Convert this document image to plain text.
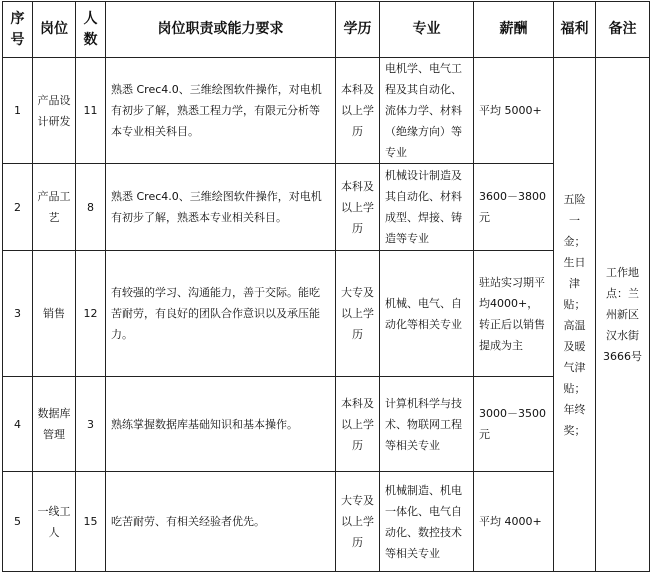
序号	岗位	人数	岗位职责或能力要求	学历	专业	薪酬	福利	备注
1	产品设计研发	11	熟悉 Crec4.0、三维绘图软件操作，对电机有初步了解，熟悉工程力学，有限元分析等本专业相关科目。	本科及以上学历	电机学、电气工程及其自动化、流体力学、材料（绝缘方向）等专业	平均 5000+	五险一金；生日津贴；高温及暖气津贴；年终奖；	工作地点：兰州新区汉水街3666号
2	产品工艺	8	熟悉 Crec4.0、三维绘图软件操作，对电机有初步了解，熟悉本专业相关科目。	本科及以上学历	机械设计制造及其自动化、材料成型、焊接、铸造等专业	3600－3800 元		
3	销售	12	有较强的学习、沟通能力，善于交际。能吃苦耐劳，有良好的团队合作意识以及承压能力。	大专及以上学历	机械、电气、自动化等相关专业	驻站实习期平均4000+，转正后以销售提成为主		
4	数据库管理	3	熟练掌握数据库基础知识和基本操作。	本科及以上学历	计算机科学与技术、物联网工程等相关专业	3000－3500 元		
5	一线工人	15	吃苦耐劳、有相关经验者优先。	大专及以上学历	机械制造、机电一体化、电气自动化、数控技术等相关专业	平均 4000+		
